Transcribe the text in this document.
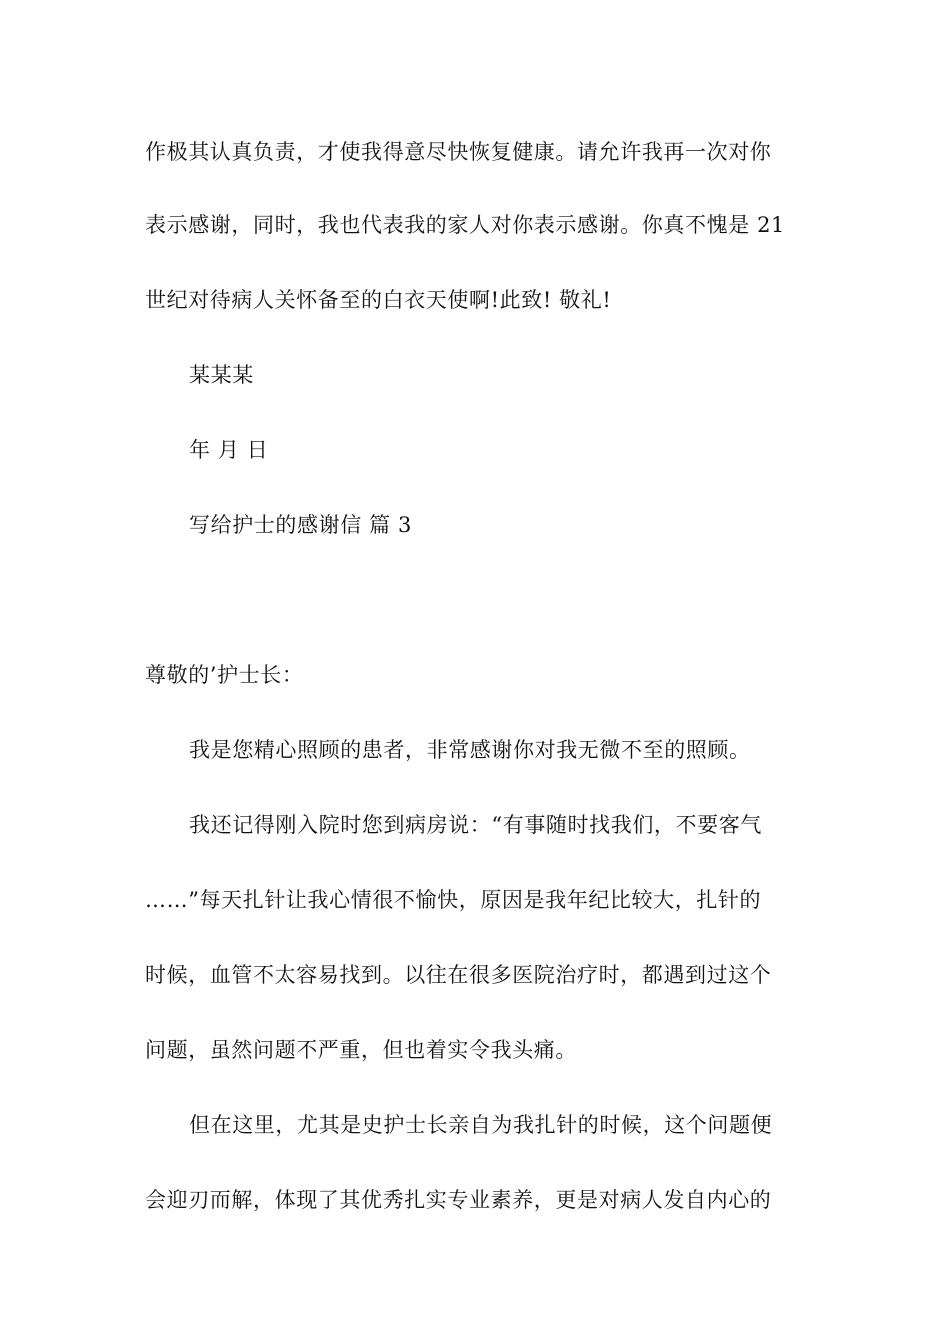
作极其认真负责，才使我得意尽快恢复健康。请允许我再一次对你
表示感谢，同时，我也代表我的家人对你表示感谢。你真不愧是 21
世纪对待病人关怀备至的白衣天使啊!此致! 敬礼!
某某某
年 月 日
写给护士的感谢信 篇 3
尊敬的’护士长：
我是您精心照顾的患者，非常感谢你对我无微不至的照顾。
我还记得刚入院时您到病房说：“有事随时找我们，不要客气
……”每天扎针让我心情很不愉快，原因是我年纪比较大，扎针的
时候，血管不太容易找到。以往在很多医院治疗时，都遇到过这个
问题，虽然问题不严重，但也着实令我头痛。
但在这里，尤其是史护士长亲自为我扎针的时候，这个问题便
会迎刃而解，体现了其优秀扎实专业素养，更是对病人发自内心的
